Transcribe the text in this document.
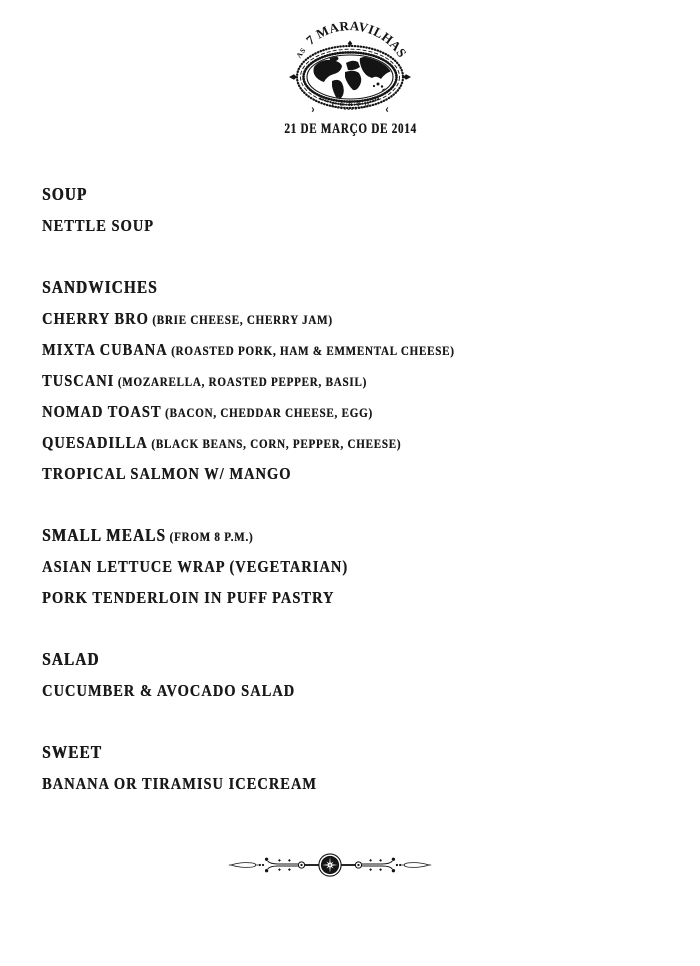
AS 7 MARAVILHAS
PORTO
21 DE MARÇO DE 2014
SOUP
NETTLE SOUP
SANDWICHES
CHERRY BRO (BRIE CHEESE, CHERRY JAM)
MIXTA CUBANA (ROASTED PORK, HAM & EMMENTAL CHEESE)
TUSCANI (MOZARELLA, ROASTED PEPPER, BASIL)
NOMAD TOAST (BACON, CHEDDAR CHEESE, EGG)
QUESADILLA (BLACK BEANS, CORN, PEPPER, CHEESE)
TROPICAL SALMON W/ MANGO
SMALL MEALS (FROM 8 P.M.)
ASIAN LETTUCE WRAP (VEGETARIAN)
PORK TENDERLOIN IN PUFF PASTRY
SALAD
CUCUMBER & AVOCADO SALAD
SWEET
BANANA OR TIRAMISU ICECREAM
